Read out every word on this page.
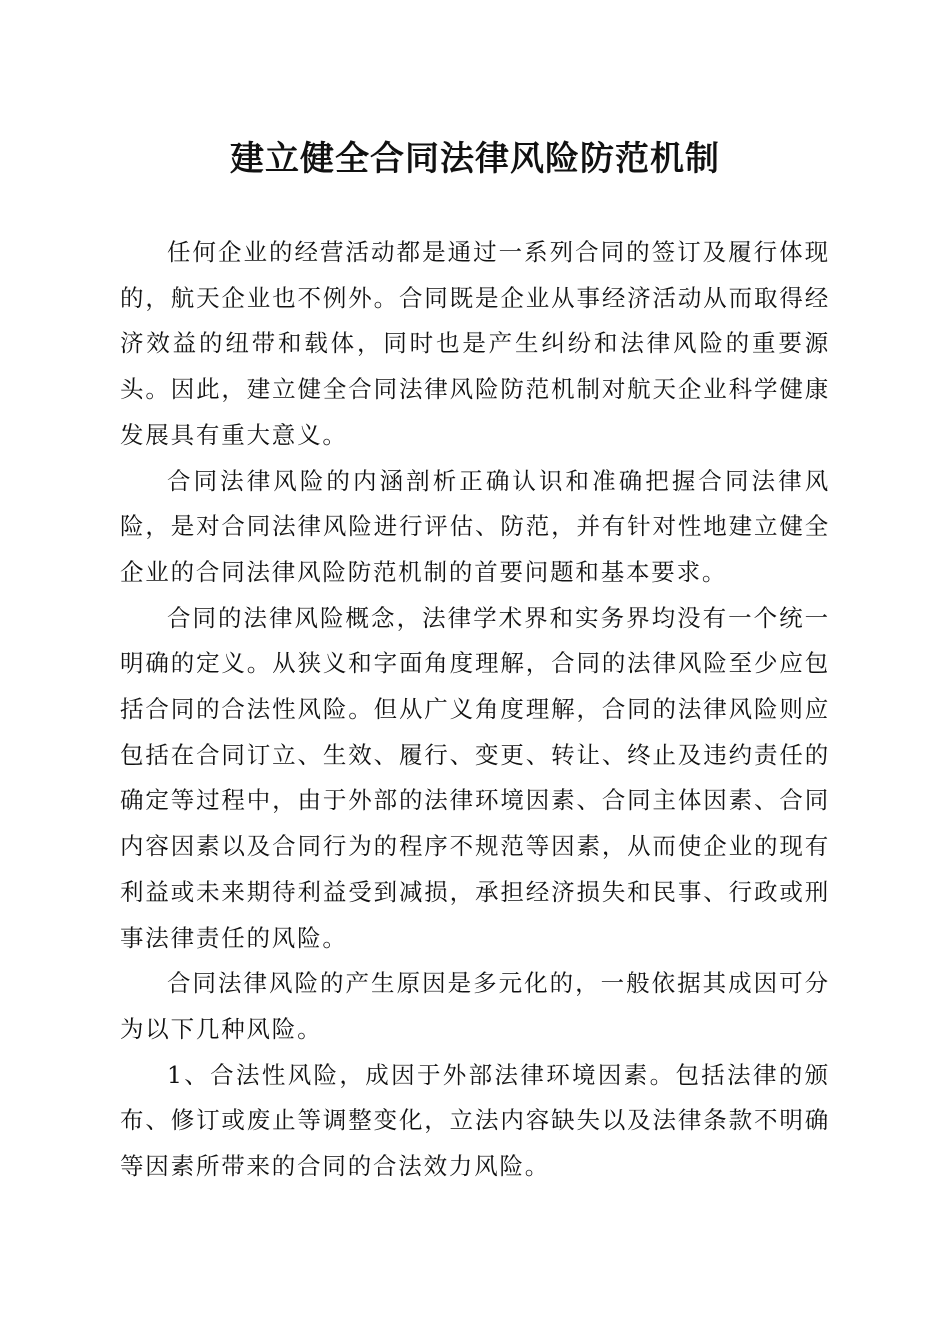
建立健全合同法律风险防范机制

任何企业的经营活动都是通过一系列合同的签订及履行体现的，航天企业也不例外。合同既是企业从事经济活动从而取得经济效益的纽带和载体，同时也是产生纠纷和法律风险的重要源头。因此，建立健全合同法律风险防范机制对航天企业科学健康发展具有重大意义。

合同法律风险的内涵剖析正确认识和准确把握合同法律风险，是对合同法律风险进行评估、防范，并有针对性地建立健全企业的合同法律风险防范机制的首要问题和基本要求。

合同的法律风险概念，法律学术界和实务界均没有一个统一明确的定义。从狭义和字面角度理解，合同的法律风险至少应包括合同的合法性风险。但从广义角度理解，合同的法律风险则应包括在合同订立、生效、履行、变更、转让、终止及违约责任的确定等过程中，由于外部的法律环境因素、合同主体因素、合同内容因素以及合同行为的程序不规范等因素，从而使企业的现有利益或未来期待利益受到减损，承担经济损失和民事、行政或刑事法律责任的风险。

合同法律风险的产生原因是多元化的，一般依据其成因可分为以下几种风险。

1、合法性风险，成因于外部法律环境因素。包括法律的颁布、修订或废止等调整变化，立法内容缺失以及法律条款不明确等因素所带来的合同的合法效力风险。
